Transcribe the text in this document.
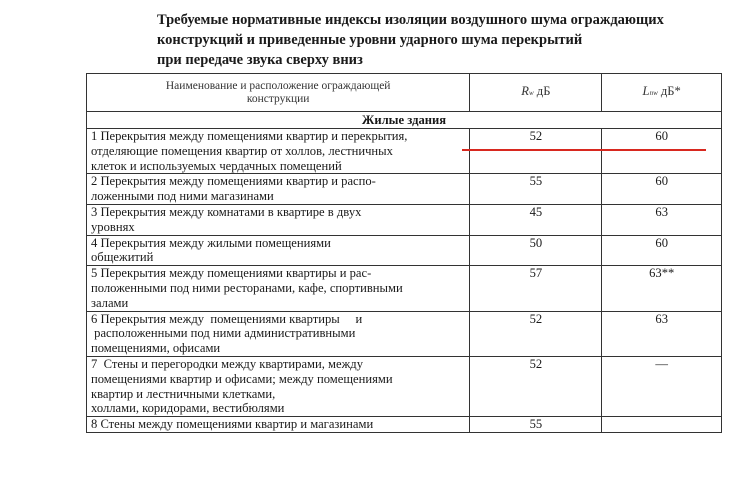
Требуемые нормативные индексы изоляции воздушного шума ограждающих
конструкций и приведенные уровни ударного шума перекрытий
при передаче звука сверху вниз
Наименование и расположение ограждающей
конструкции	Rw дБ	Lnw дБ*
Жилые здания		

1 Перекрытия между помещениями квартир и перекрытия,
отделяющие помещения квартир от холлов, лестничных
клеток и используемых чердачных помещений	52	60

2 Перекрытия между помещениями квартир и распо-
ложенными под ними магазинами	55	60

3 Перекрытия между комнатами в квартире в двух
уровнях	45	63

4 Перекрытия между жилыми помещениями
общежитий	50	60

5 Перекрытия между помещениями квартиры и рас-
положенными под ними ресторанами, кафе, спортивными
залами	57	63**

6 Перекрытия между  помещениями квартиры     и
расположенными под ними административными
помещениями, офисами	52	63

7  Стены и перегородки между квартирами, между
помещениями квартир и офисами; между помещениями
квартир и лестничными клетками,
холлами, коридорами, вестибюлями	52	—

8 Стены между помещениями квартир и магазинами	55	
